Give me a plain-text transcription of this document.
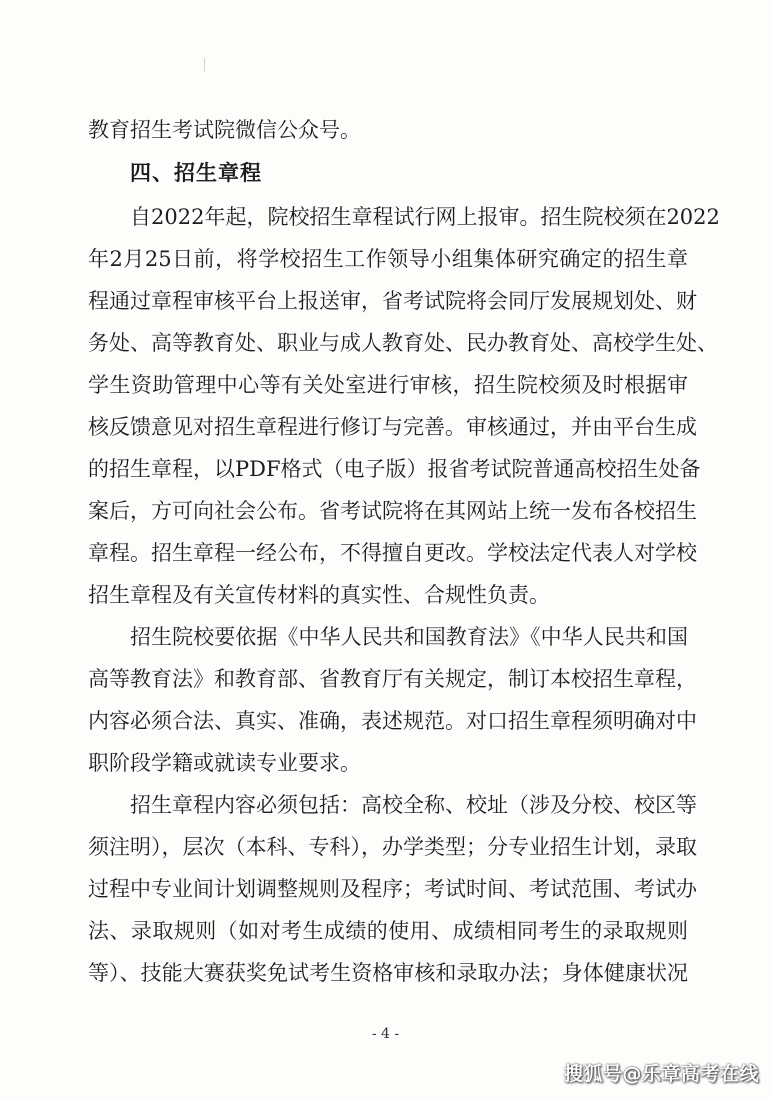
教育招生考试院微信公众号。
四、招生章程
自2022年起，院校招生章程试行网上报审。招生院校须在2022
年2月25日前，将学校招生工作领导小组集体研究确定的招生章
程通过章程审核平台上报送审，省考试院将会同厅发展规划处、财
务处、高等教育处、职业与成人教育处、民办教育处、高校学生处、
学生资助管理中心等有关处室进行审核，招生院校须及时根据审
核反馈意见对招生章程进行修订与完善。审核通过，并由平台生成
的招生章程，以PDF格式（电子版）报省考试院普通高校招生处备
案后，方可向社会公布。省考试院将在其网站上统一发布各校招生
章程。招生章程一经公布，不得擅自更改。学校法定代表人对学校
招生章程及有关宣传材料的真实性、合规性负责。
招生院校要依据《中华人民共和国教育法》《中华人民共和国
高等教育法》和教育部、省教育厅有关规定，制订本校招生章程，
内容必须合法、真实、准确，表述规范。对口招生章程须明确对中
职阶段学籍或就读专业要求。
招生章程内容必须包括：高校全称、校址（涉及分校、校区等
须注明），层次（本科、专科），办学类型；分专业招生计划，录取
过程中专业间计划调整规则及程序；考试时间、考试范围、考试办
法、录取规则（如对考生成绩的使用、成绩相同考生的录取规则
等）、技能大赛获奖免试考生资格审核和录取办法；身体健康状况
- 4 -
搜狐号@乐章高考在线
